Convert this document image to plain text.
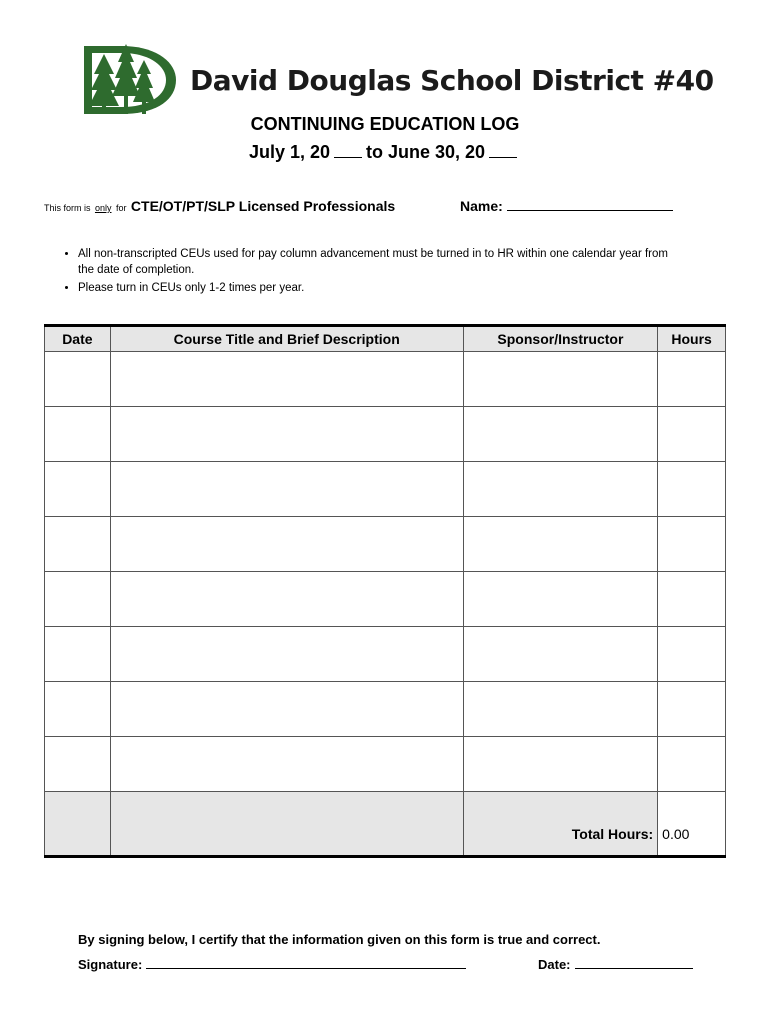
David Douglas School District #40
CONTINUING EDUCATION LOG
July 1, 20 to June 30, 20
This form is only for CTE/OT/PT/SLP Licensed Professionals	Name:
• All non-transcripted CEUs used for pay column advancement must be turned in to HR within one calendar year from the date of completion.
• Please turn in CEUs only 1-2 times per year.
Date	Course Title and Brief Description	Sponsor/Instructor	Hours

		Total Hours:	0.00
By signing below, I certify that the information given on this form is true and correct.
Signature:	Date:
